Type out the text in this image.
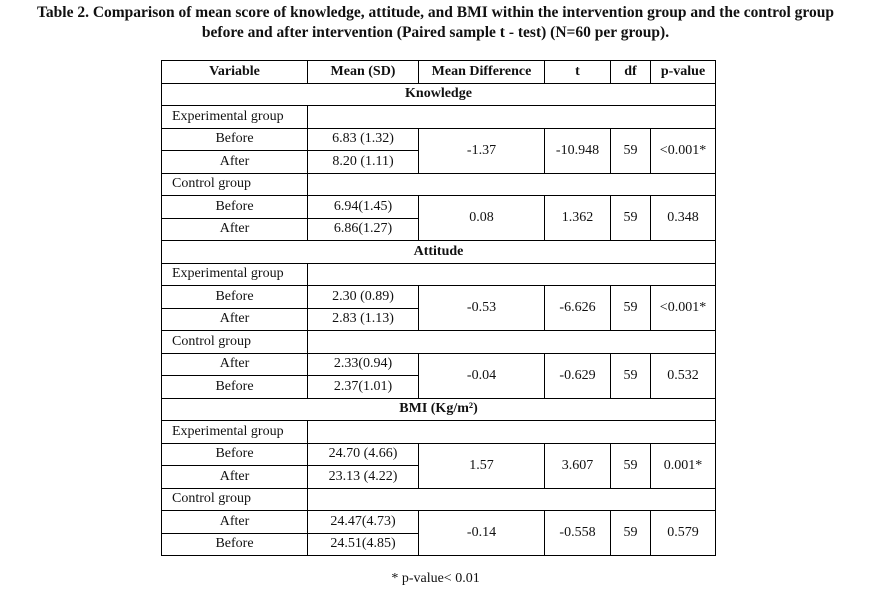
Table 2. Comparison of mean score of knowledge, attitude, and BMI within the intervention group and the control group
before and after intervention (Paired sample t - test) (N=60 per group).
Variable	Mean (SD)	Mean Difference	t	df	p-value
Knowledge					
Experimental group					
Before	6.83 (1.32)	-1.37	-10.948	59	<0.001*
After	8.20 (1.11)				
Control group					
Before	6.94(1.45)	0.08	1.362	59	0.348
After	6.86(1.27)				
Attitude					
Experimental group					
Before	2.30 (0.89)	-0.53	-6.626	59	<0.001*
After	2.83 (1.13)				
Control group					
After	2.33(0.94)	-0.04	-0.629	59	0.532
Before	2.37(1.01)				
BMI (Kg/m²)					
Experimental group					
Before	24.70 (4.66)	1.57	3.607	59	0.001*
After	23.13 (4.22)				
Control group					
After	24.47(4.73)	-0.14	-0.558	59	0.579
Before	24.51(4.85)				
* p-value< 0.01
